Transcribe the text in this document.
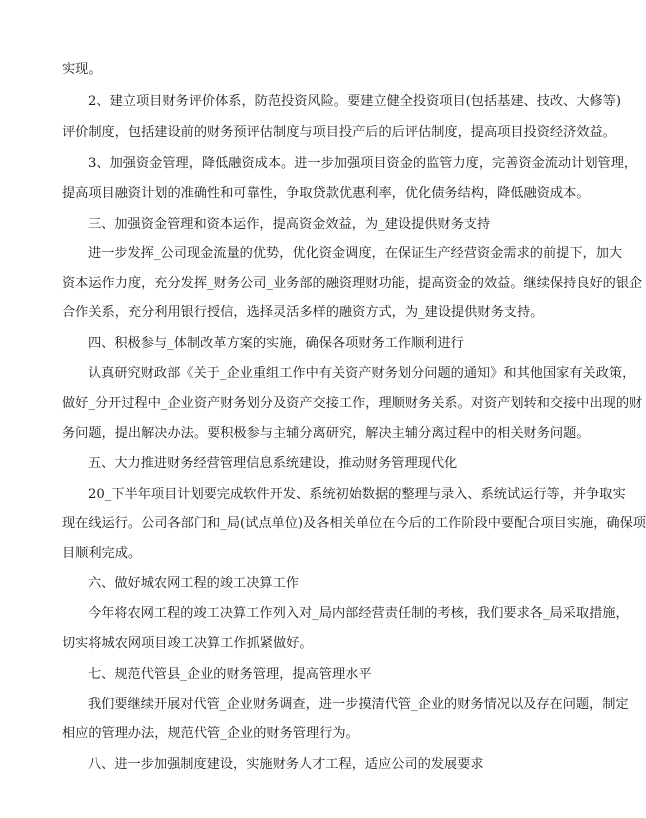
实现。
2、建立项目财务评价体系，防范投资风险。要建立健全投资项目(包括基建、技改、大修等)
评价制度，包括建设前的财务预评估制度与项目投产后的后评估制度，提高项目投资经济效益。
3、加强资金管理，降低融资成本。进一步加强项目资金的监管力度，完善资金流动计划管理，
提高项目融资计划的准确性和可靠性，争取贷款优惠利率，优化债务结构，降低融资成本。
三、加强资金管理和资本运作，提高资金效益，为_建设提供财务支持
进一步发挥_公司现金流量的优势，优化资金调度，在保证生产经营资金需求的前提下，加大
资本运作力度，充分发挥_财务公司_业务部的融资理财功能，提高资金的效益。继续保持良好的银企
合作关系，充分利用银行授信，选择灵活多样的融资方式，为_建设提供财务支持。
四、积极参与_体制改革方案的实施，确保各项财务工作顺利进行
认真研究财政部《关于_企业重组工作中有关资产财务划分问题的通知》和其他国家有关政策，
做好_分开过程中_企业资产财务划分及资产交接工作，理顺财务关系。对资产划转和交接中出现的财
务问题，提出解决办法。要积极参与主辅分离研究，解决主辅分离过程中的相关财务问题。
五、大力推进财务经营管理信息系统建设，推动财务管理现代化
20_下半年项目计划要完成软件开发、系统初始数据的整理与录入、系统试运行等，并争取实
现在线运行。公司各部门和_局(试点单位)及各相关单位在今后的工作阶段中要配合项目实施，确保项
目顺利完成。
六、做好城农网工程的竣工决算工作
今年将农网工程的竣工决算工作列入对_局内部经营责任制的考核，我们要求各_局采取措施，
切实将城农网项目竣工决算工作抓紧做好。
七、规范代管县_企业的财务管理，提高管理水平
我们要继续开展对代管_企业财务调查，进一步摸清代管_企业的财务情况以及存在问题，制定
相应的管理办法，规范代管_企业的财务管理行为。
八、进一步加强制度建设，实施财务人才工程，适应公司的发展要求
